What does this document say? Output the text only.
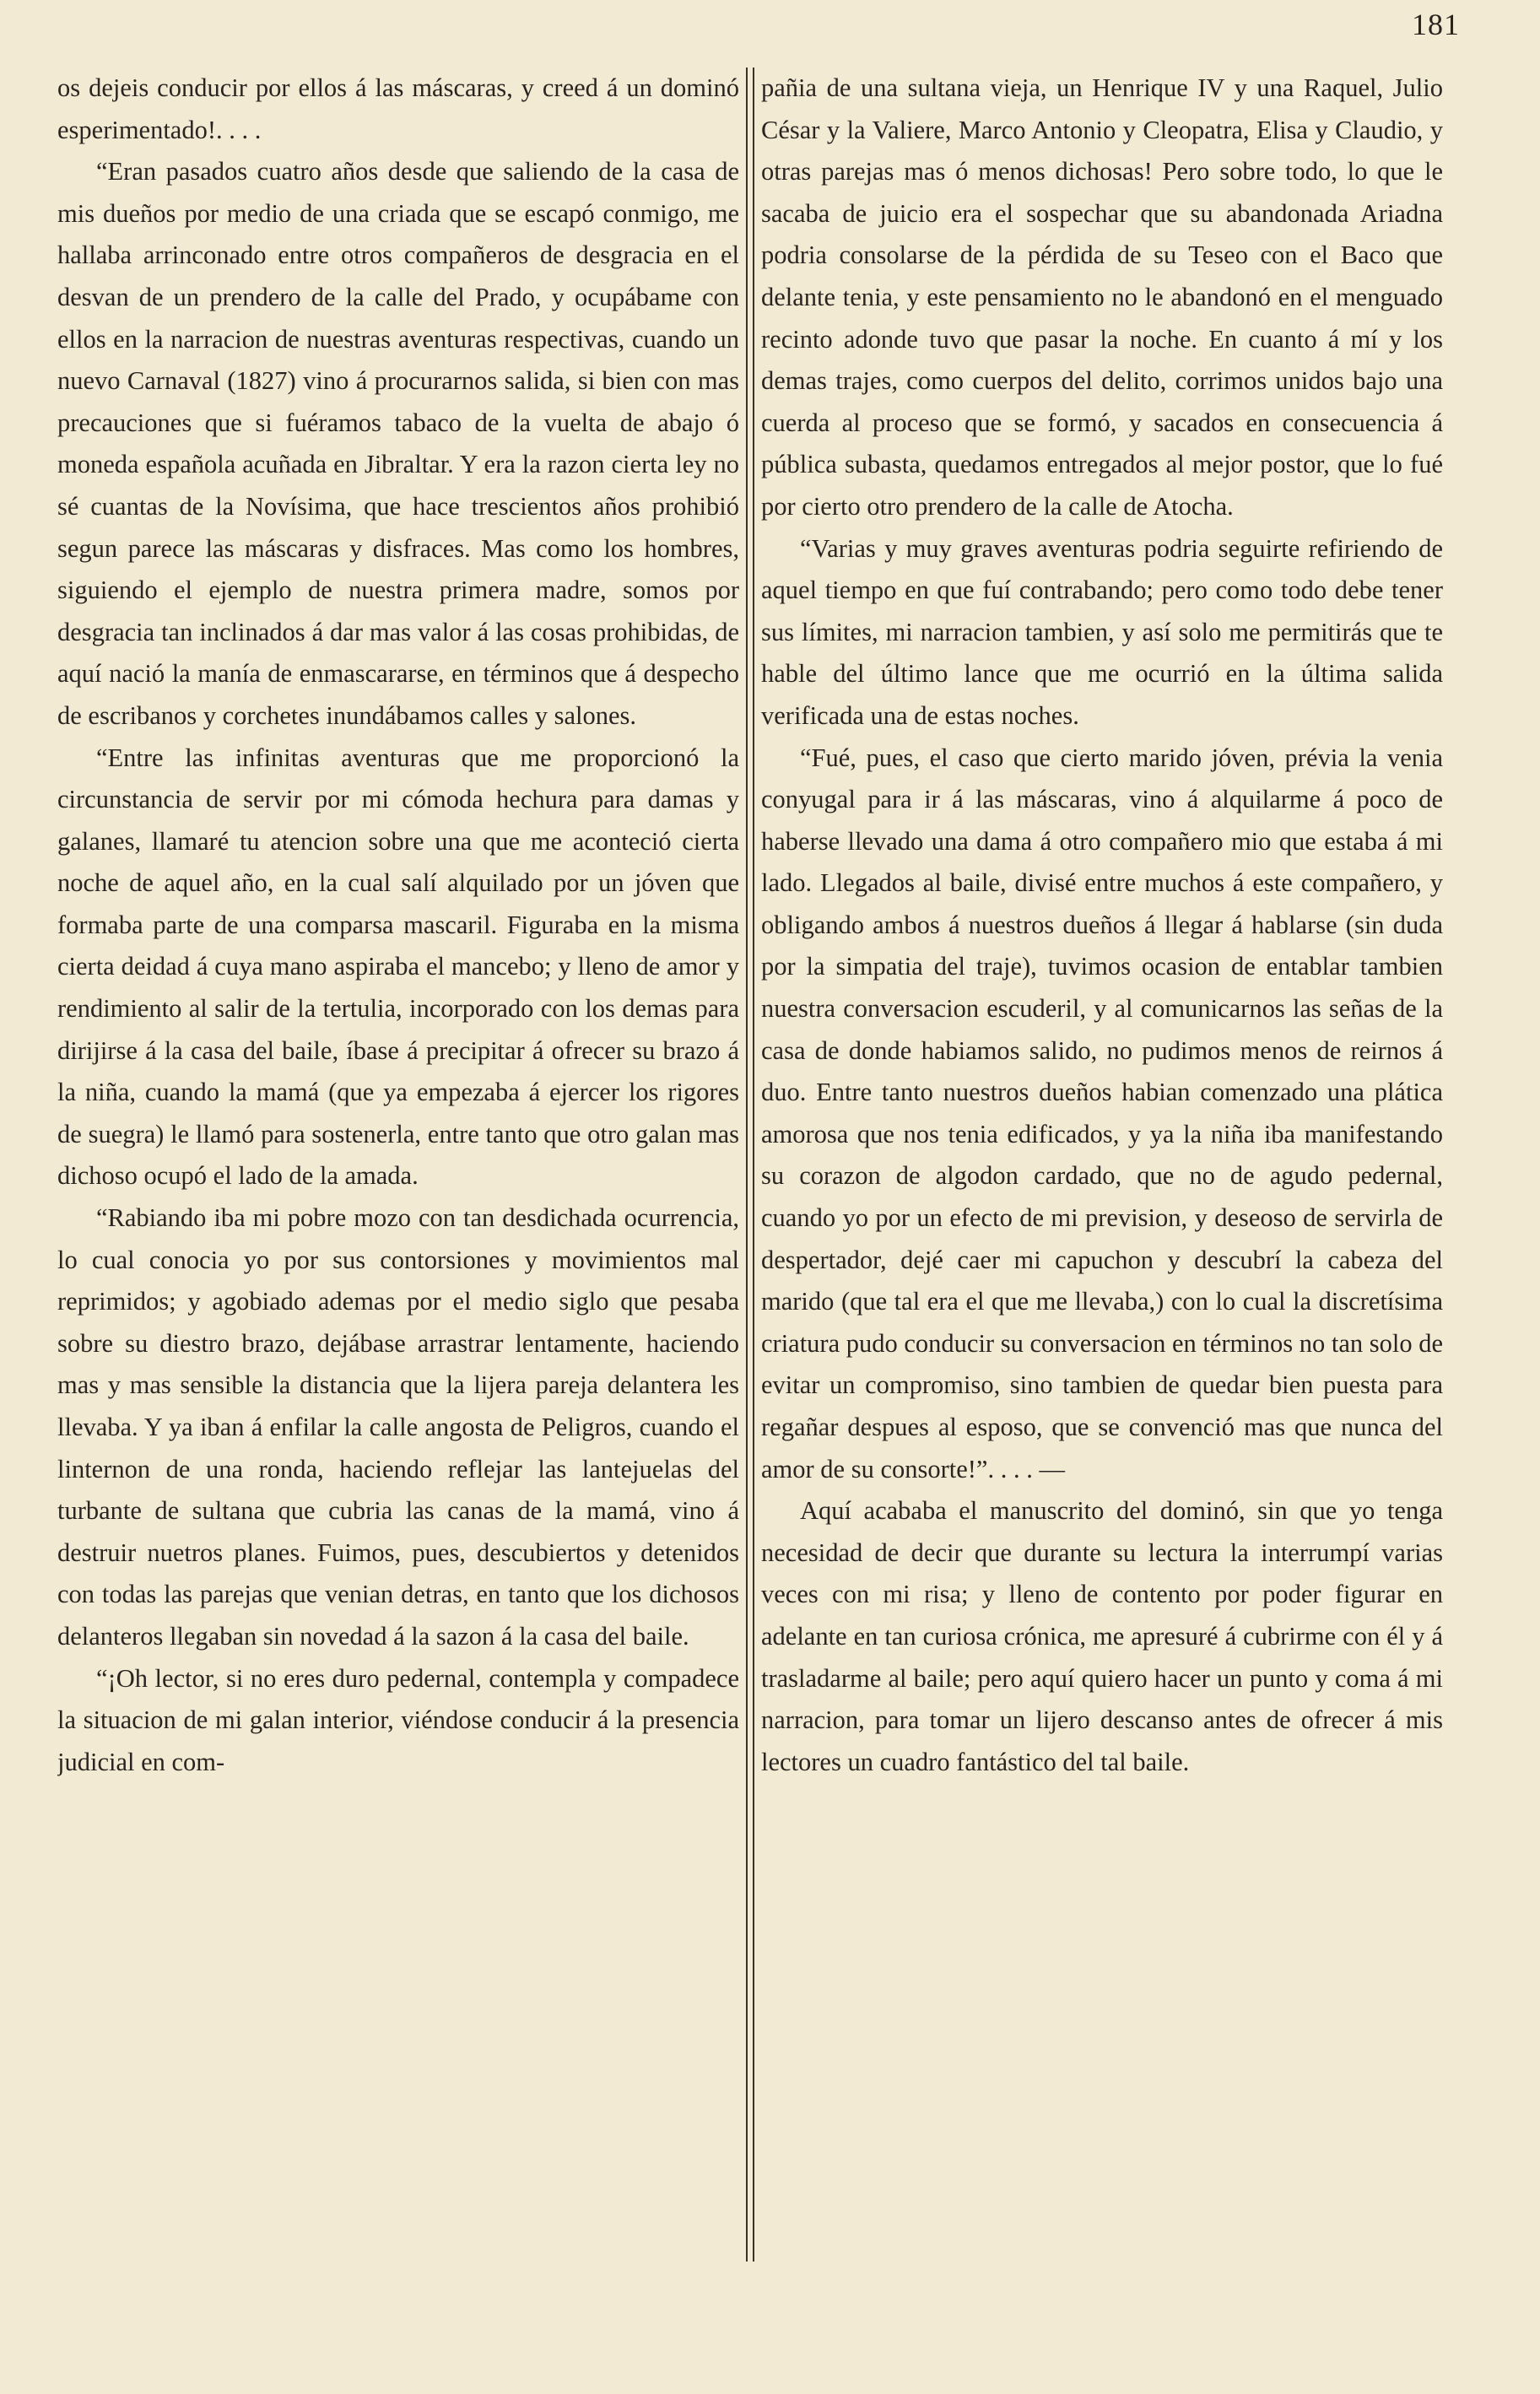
181

os dejeis conducir por ellos á las máscaras, y creed á un dominó esperimentado!. . . .

“Eran pasados cuatro años desde que saliendo de la casa de mis dueños por medio de una criada que se escapó conmigo, me hallaba arrinconado entre otros compañeros de desgracia en el desvan de un prendero de la calle del Prado, y ocupábame con ellos en la narracion de nuestras aventuras respectivas, cuando un nuevo Carnaval (1827) vino á procurarnos salida, si bien con mas precauciones que si fuéramos tabaco de la vuelta de abajo ó moneda española acuñada en Jibraltar. Y era la razon cierta ley no sé cuantas de la Novísima, que hace trescientos años prohibió segun parece las máscaras y disfraces. Mas como los hombres, siguiendo el ejemplo de nuestra primera madre, somos por desgracia tan inclinados á dar mas valor á las cosas prohibidas, de aquí nació la manía de enmascararse, en términos que á despecho de escribanos y corchetes inundábamos calles y salones.

“Entre las infinitas aventuras que me proporcionó la circunstancia de servir por mi cómoda hechura para damas y galanes, llamaré tu atencion sobre una que me aconteció cierta noche de aquel año, en la cual salí alquilado por un jóven que formaba parte de una comparsa mascaril. Figuraba en la misma cierta deidad á cuya mano aspiraba el mancebo; y lleno de amor y rendimiento al salir de la tertulia, incorporado con los demas para dirijirse á la casa del baile, íbase á precipitar á ofrecer su brazo á la niña, cuando la mamá (que ya empezaba á ejercer los rigores de suegra) le llamó para sostenerla, entre tanto que otro galan mas dichoso ocupó el lado de la amada.

“Rabiando iba mi pobre mozo con tan desdichada ocurrencia, lo cual conocia yo por sus contorsiones y movimientos mal reprimidos; y agobiado ademas por el medio siglo que pesaba sobre su diestro brazo, dejábase arrastrar lentamente, haciendo mas y mas sensible la distancia que la lijera pareja delantera les llevaba. Y ya iban á enfilar la calle angosta de Peligros, cuando el linternon de una ronda, haciendo reflejar las lantejuelas del turbante de sultana que cubria las canas de la mamá, vino á destruir nuetros planes. Fuimos, pues, descubiertos y detenidos con todas las parejas que venian detras, en tanto que los dichosos delanteros llegaban sin novedad á la sazon á la casa del baile.

“¡Oh lector, si no eres duro pedernal, contempla y compadece la situacion de mi galan interior, viéndose conducir á la presencia judicial en com-

pañia de una sultana vieja, un Henrique IV y una Raquel, Julio César y la Valiere, Marco Antonio y Cleopatra, Elisa y Claudio, y otras parejas mas ó menos dichosas! Pero sobre todo, lo que le sacaba de juicio era el sospechar que su abandonada Ariadna podria consolarse de la pérdida de su Teseo con el Baco que delante tenia, y este pensamiento no le abandonó en el menguado recinto adonde tuvo que pasar la noche. En cuanto á mí y los demas trajes, como cuerpos del delito, corrimos unidos bajo una cuerda al proceso que se formó, y sacados en consecuencia á pública subasta, quedamos entregados al mejor postor, que lo fué por cierto otro prendero de la calle de Atocha.

“Varias y muy graves aventuras podria seguirte refiriendo de aquel tiempo en que fuí contrabando; pero como todo debe tener sus límites, mi narracion tambien, y así solo me permitirás que te hable del último lance que me ocurrió en la última salida verificada una de estas noches.

“Fué, pues, el caso que cierto marido jóven, prévia la venia conyugal para ir á las máscaras, vino á alquilarme á poco de haberse llevado una dama á otro compañero mio que estaba á mi lado. Llegados al baile, divisé entre muchos á este compañero, y obligando ambos á nuestros dueños á llegar á hablarse (sin duda por la simpatia del traje), tuvimos ocasion de entablar tambien nuestra conversacion escuderil, y al comunicarnos las señas de la casa de donde habiamos salido, no pudimos menos de reirnos á duo. Entre tanto nuestros dueños habian comenzado una plática amorosa que nos tenia edificados, y ya la niña iba manifestando su corazon de algodon cardado, que no de agudo pedernal, cuando yo por un efecto de mi prevision, y deseoso de servirla de despertador, dejé caer mi capuchon y descubrí la cabeza del marido (que tal era el que me llevaba,) con lo cual la discretísima criatura pudo conducir su conversacion en términos no tan solo de evitar un compromiso, sino tambien de quedar bien puesta para regañar despues al esposo, que se convenció mas que nunca del amor de su consorte!”. . . . —

Aquí acababa el manuscrito del dominó, sin que yo tenga necesidad de decir que durante su lectura la interrumpí varias veces con mi risa; y lleno de contento por poder figurar en adelante en tan curiosa crónica, me apresuré á cubrirme con él y á trasladarme al baile; pero aquí quiero hacer un punto y coma á mi narracion, para tomar un lijero descanso antes de ofrecer á mis lectores un cuadro fantástico del tal baile.
